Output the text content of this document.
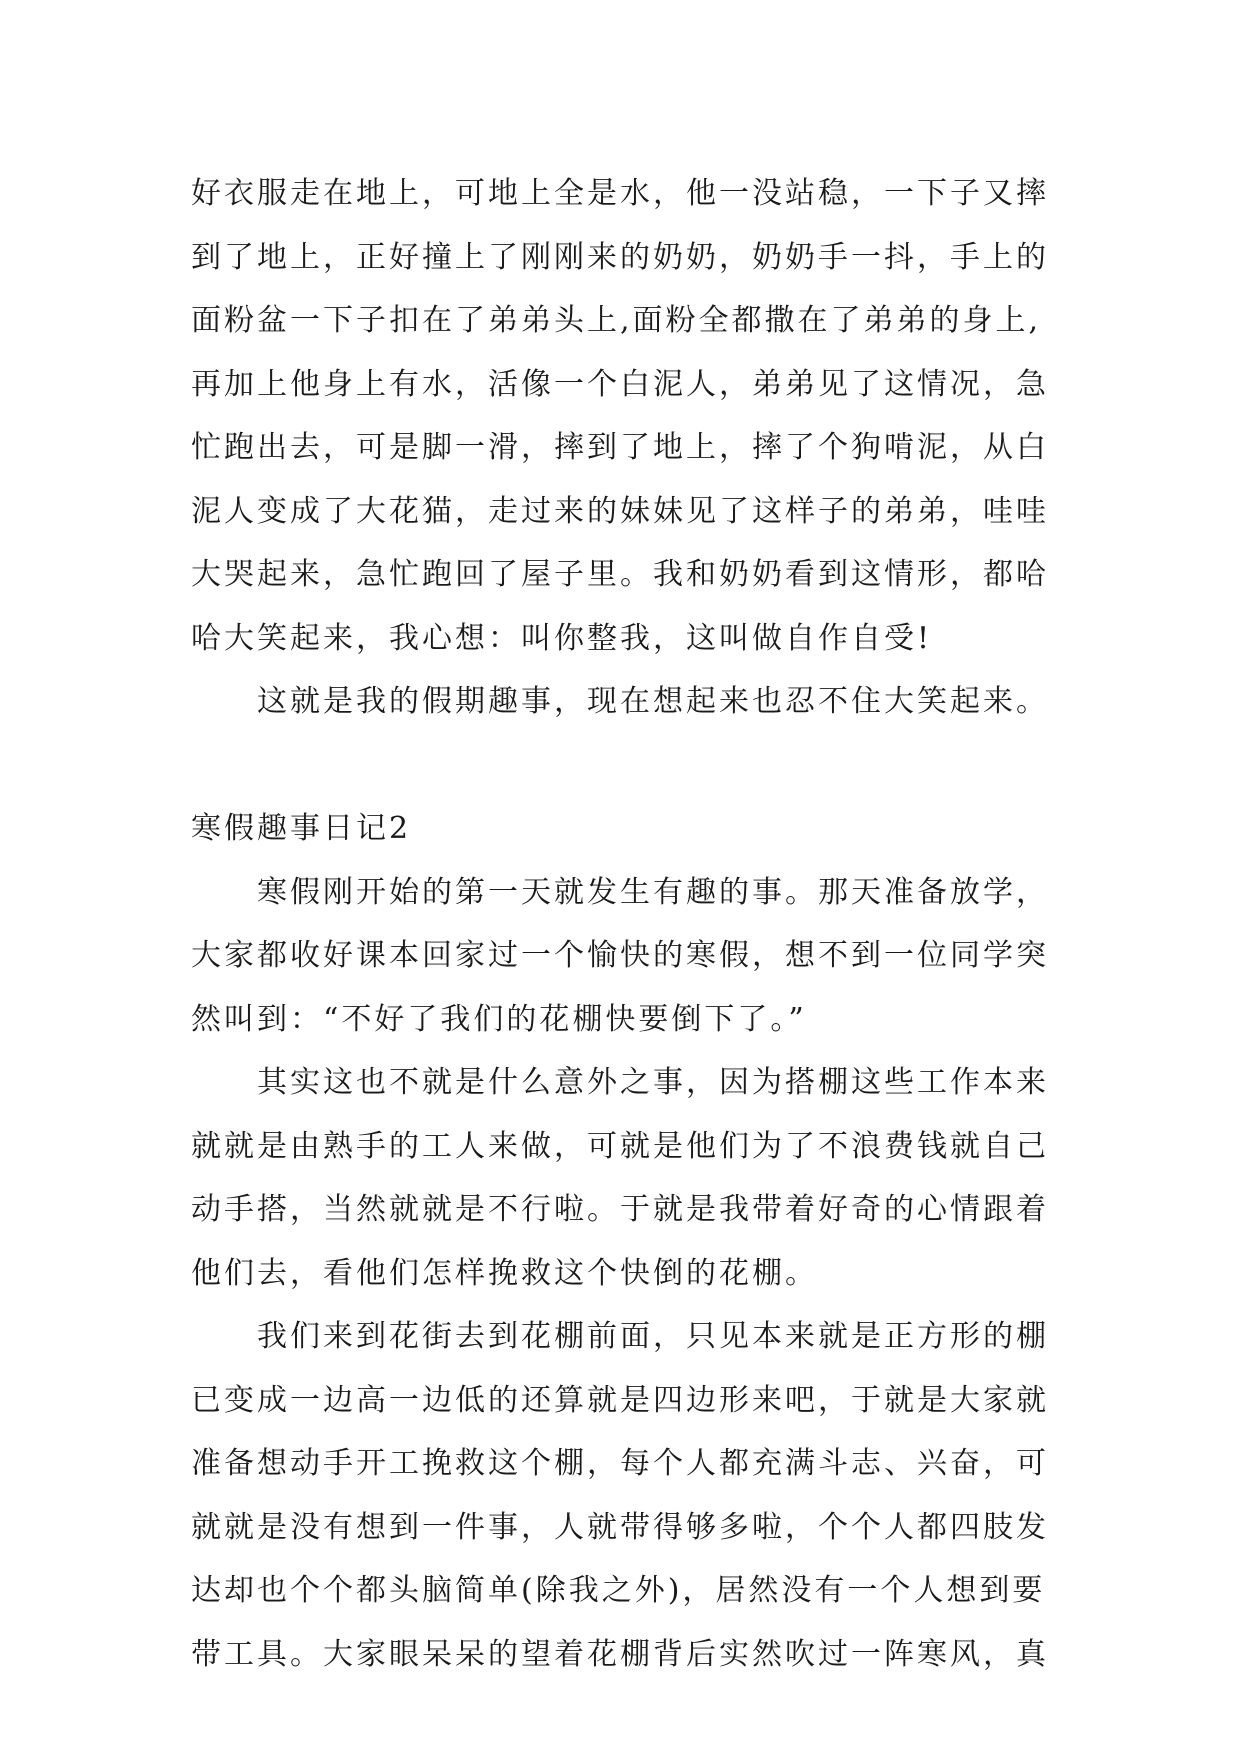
好衣服走在地上，可地上全是水，他一没站稳，一下子又摔
到了地上，正好撞上了刚刚来的奶奶，奶奶手一抖，手上的
面粉盆一下子扣在了弟弟头上,面粉全都撒在了弟弟的身上,
再加上他身上有水，活像一个白泥人，弟弟见了这情况，急
忙跑出去，可是脚一滑，摔到了地上，摔了个狗啃泥，从白
泥人变成了大花猫，走过来的妹妹见了这样子的弟弟，哇哇
大哭起来，急忙跑回了屋子里。我和奶奶看到这情形，都哈
哈大笑起来，我心想：叫你整我，这叫做自作自受!
这就是我的假期趣事，现在想起来也忍不住大笑起来。
寒假趣事日记2
寒假刚开始的第一天就发生有趣的事。那天准备放学，
大家都收好课本回家过一个愉快的寒假，想不到一位同学突
然叫到：“不好了我们的花棚快要倒下了。”
其实这也不就是什么意外之事，因为搭棚这些工作本来
就就是由熟手的工人来做，可就是他们为了不浪费钱就自己
动手搭，当然就就是不行啦。于就是我带着好奇的心情跟着
他们去，看他们怎样挽救这个快倒的花棚。
我们来到花街去到花棚前面，只见本来就是正方形的棚
已变成一边高一边低的还算就是四边形来吧，于就是大家就
准备想动手开工挽救这个棚，每个人都充满斗志、兴奋，可
就就是没有想到一件事，人就带得够多啦，个个人都四肢发
达却也个个都头脑简单(除我之外)，居然没有一个人想到要
带工具。大家眼呆呆的望着花棚背后实然吹过一阵寒风，真
